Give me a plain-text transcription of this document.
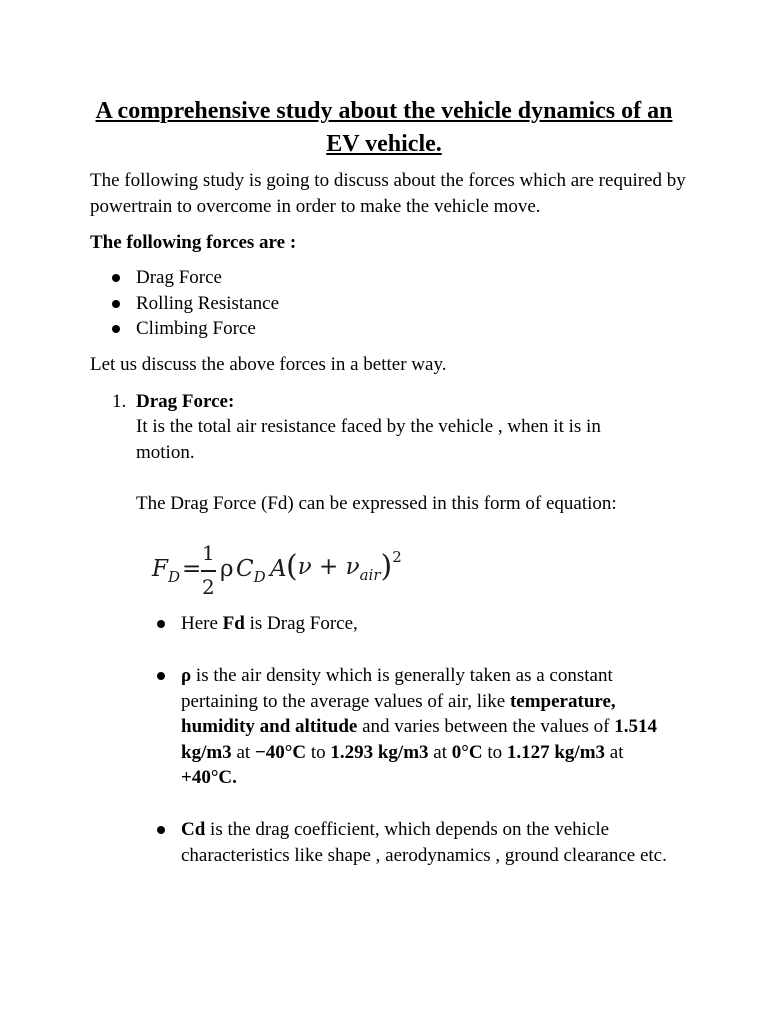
A comprehensive study about the vehicle dynamics of an EV vehicle.

The following study is going to discuss about the forces which are required by powertrain to overcome in order to make the vehicle move.

The following forces are :

Drag Force
Rolling Resistance
Climbing Force

Let us discuss the above forces in a better way.

1. Drag Force:

It is the total air resistance faced by the vehicle , when it is in motion.

The Drag Force (Fd) can be expressed in this form of equation:

$F_D$ =
1
2
ρ $C_D$ A $(\nu + \nu_{air})^2$
Here Fd is Drag Force,
ρ is the air density which is generally taken as a constant pertaining to the average values of air, like temperature, humidity and altitude and varies between the values of 1.514 kg/m3 at −40°C to 1.293 kg/m3 at 0°C to 1.127 kg/m3 at +40°C.
Cd is the drag coefficient, which depends on the vehicle characteristics like shape , aerodynamics , ground clearance etc.
